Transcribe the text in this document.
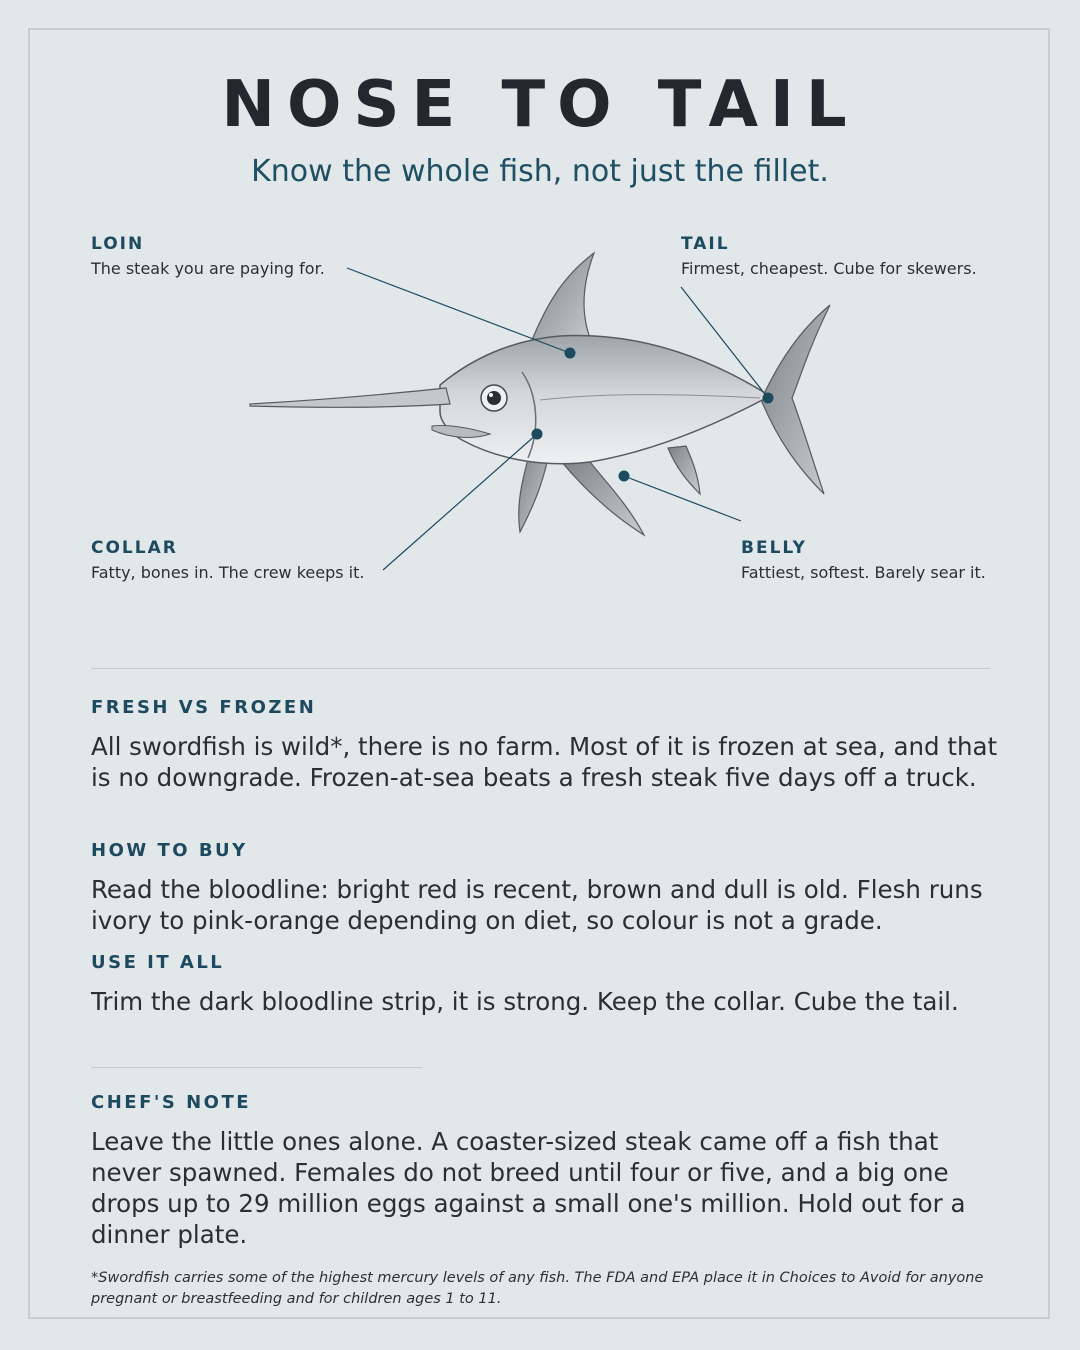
NOSE TO TAIL
Know the whole fish, not just the fillet.
LOIN
The steak you are paying for.
TAIL
Firmest, cheapest. Cube for skewers.
COLLAR
Fatty, bones in. The crew keeps it.
BELLY
Fattiest, softest. Barely sear it.
FRESH VS FROZEN
All swordfish is wild*, there is no farm. Most of it is frozen at sea, and that is no downgrade. Frozen-at-sea beats a fresh steak five days off a truck.
HOW TO BUY
Read the bloodline: bright red is recent, brown and dull is old. Flesh runs ivory to pink-orange depending on diet, so colour is not a grade.
USE IT ALL
Trim the dark bloodline strip, it is strong. Keep the collar. Cube the tail.
CHEF'S NOTE
Leave the little ones alone. A coaster-sized steak came off a fish that never spawned. Females do not breed until four or five, and a big one drops up to 29 million eggs against a small one's million. Hold out for a dinner plate.
*Swordfish carries some of the highest mercury levels of any fish. The FDA and EPA place it in Choices to Avoid for anyone pregnant or breastfeeding and for children ages 1 to 11.
